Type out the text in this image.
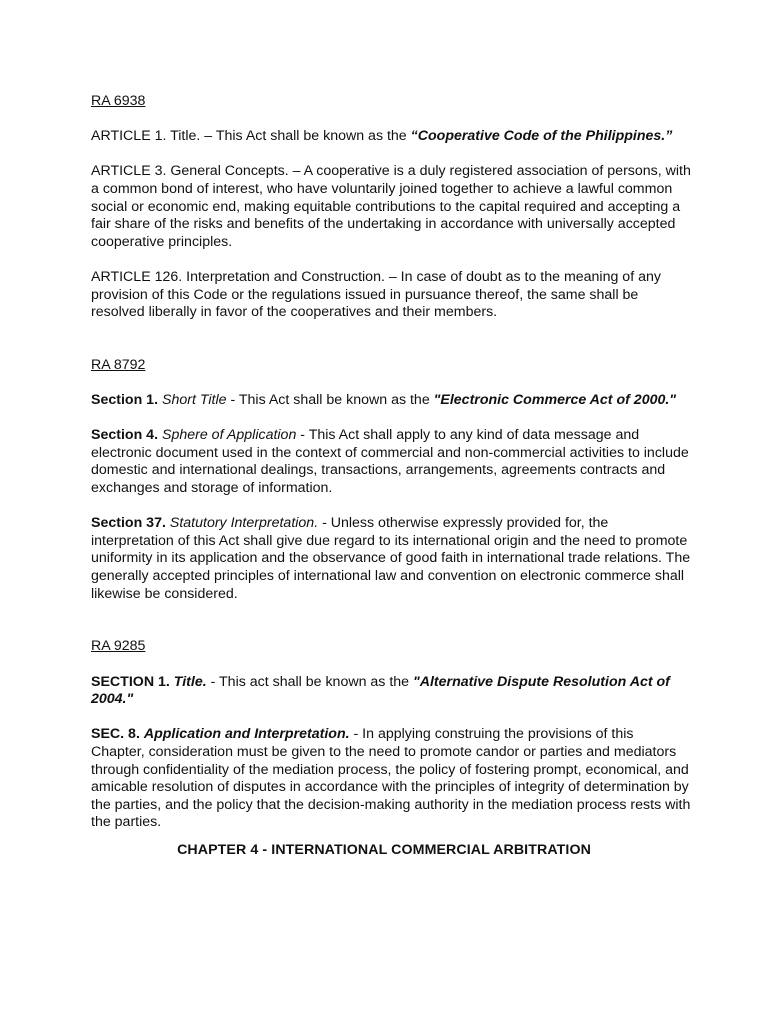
RA 6938

ARTICLE 1. Title. – This Act shall be known as the “Cooperative Code of the Philippines.”

ARTICLE 3. General Concepts. – A cooperative is a duly registered association of persons, with a common bond of interest, who have voluntarily joined together to achieve a lawful common social or economic end, making equitable contributions to the capital required and accepting a fair share of the risks and benefits of the undertaking in accordance with universally accepted cooperative principles.

ARTICLE 126. Interpretation and Construction. – In case of doubt as to the meaning of any provision of this Code or the regulations issued in pursuance thereof, the same shall be resolved liberally in favor of the cooperatives and their members.

RA 8792

Section 1. Short Title - This Act shall be known as the "Electronic Commerce Act of 2000."

Section 4. Sphere of Application - This Act shall apply to any kind of data message and electronic document used in the context of commercial and non-commercial activities to include domestic and international dealings, transactions, arrangements, agreements contracts and exchanges and storage of information.

Section 37. Statutory Interpretation. - Unless otherwise expressly provided for, the interpretation of this Act shall give due regard to its international origin and the need to promote uniformity in its application and the observance of good faith in international trade relations. The generally accepted principles of international law and convention on electronic commerce shall likewise be considered.

RA 9285

SECTION 1. Title. - This act shall be known as the "Alternative Dispute Resolution Act of 2004."

SEC. 8. Application and Interpretation. - In applying construing the provisions of this Chapter, consideration must be given to the need to promote candor or parties and mediators through confidentiality of the mediation process, the policy of fostering prompt, economical, and amicable resolution of disputes in accordance with the principles of integrity of determination by the parties, and the policy that the decision-making authority in the mediation process rests with the parties.

CHAPTER 4 - INTERNATIONAL COMMERCIAL ARBITRATION
